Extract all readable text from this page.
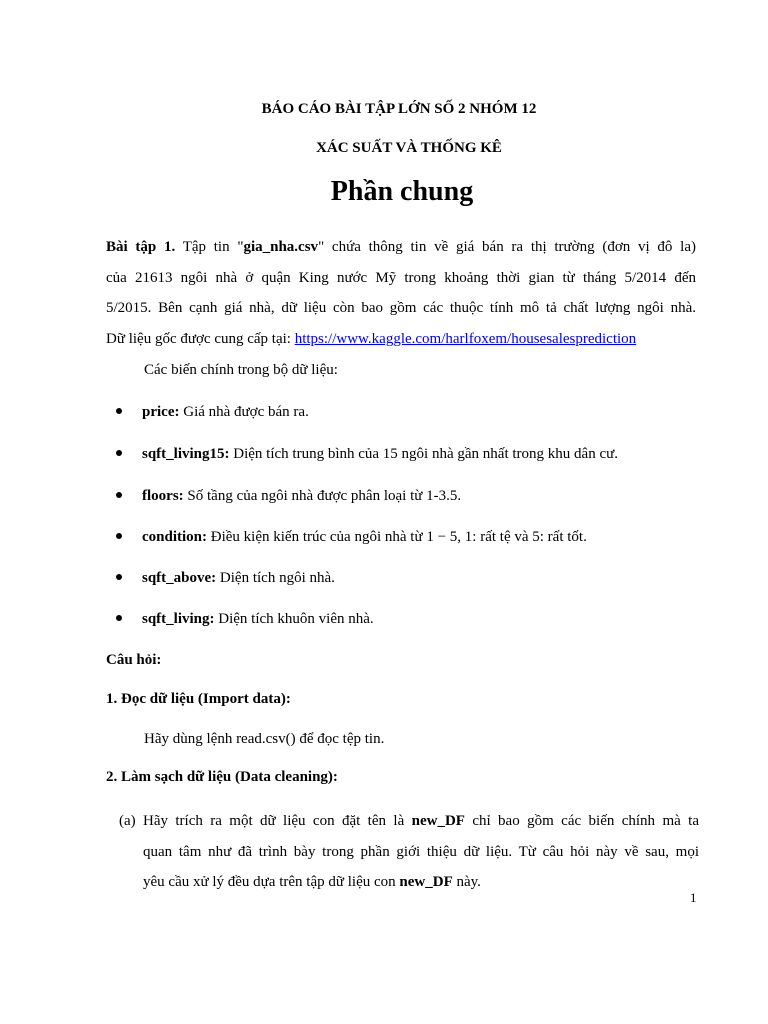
BÁO CÁO BÀI TẬP LỚN SỐ 2 NHÓM 12
XÁC SUẤT VÀ THỐNG KÊ
Phần chung
Bài tập 1. Tập tin "gia_nha.csv" chứa thông tin về giá bán ra thị trường (đơn vị đô la)
của 21613 ngôi nhà ở quận King nước Mỹ trong khoảng thời gian từ tháng 5/2014 đến
5/2015. Bên cạnh giá nhà, dữ liệu còn bao gồm các thuộc tính mô tả chất lượng ngôi nhà.
Dữ liệu gốc được cung cấp tại: https://www.kaggle.com/harlfoxem/housesalesprediction
Các biến chính trong bộ dữ liệu:
price: Giá nhà được bán ra.
sqft_living15: Diện tích trung bình của 15 ngôi nhà gần nhất trong khu dân cư.
floors: Số tầng của ngôi nhà được phân loại từ 1-3.5.
condition: Điều kiện kiến trúc của ngôi nhà từ 1 − 5, 1: rất tệ và 5: rất tốt.
sqft_above: Diện tích ngôi nhà.
sqft_living: Diện tích khuôn viên nhà.
Câu hỏi:
1. Đọc dữ liệu (Import data):
Hãy dùng lệnh read.csv() để đọc tệp tin.
2. Làm sạch dữ liệu (Data cleaning):
(a) Hãy trích ra một dữ liệu con đặt tên là new_DF chỉ bao gồm các biến chính mà ta
quan tâm như đã trình bày trong phần giới thiệu dữ liệu. Từ câu hỏi này về sau, mọi
yêu cầu xử lý đều dựa trên tập dữ liệu con new_DF này.
1
